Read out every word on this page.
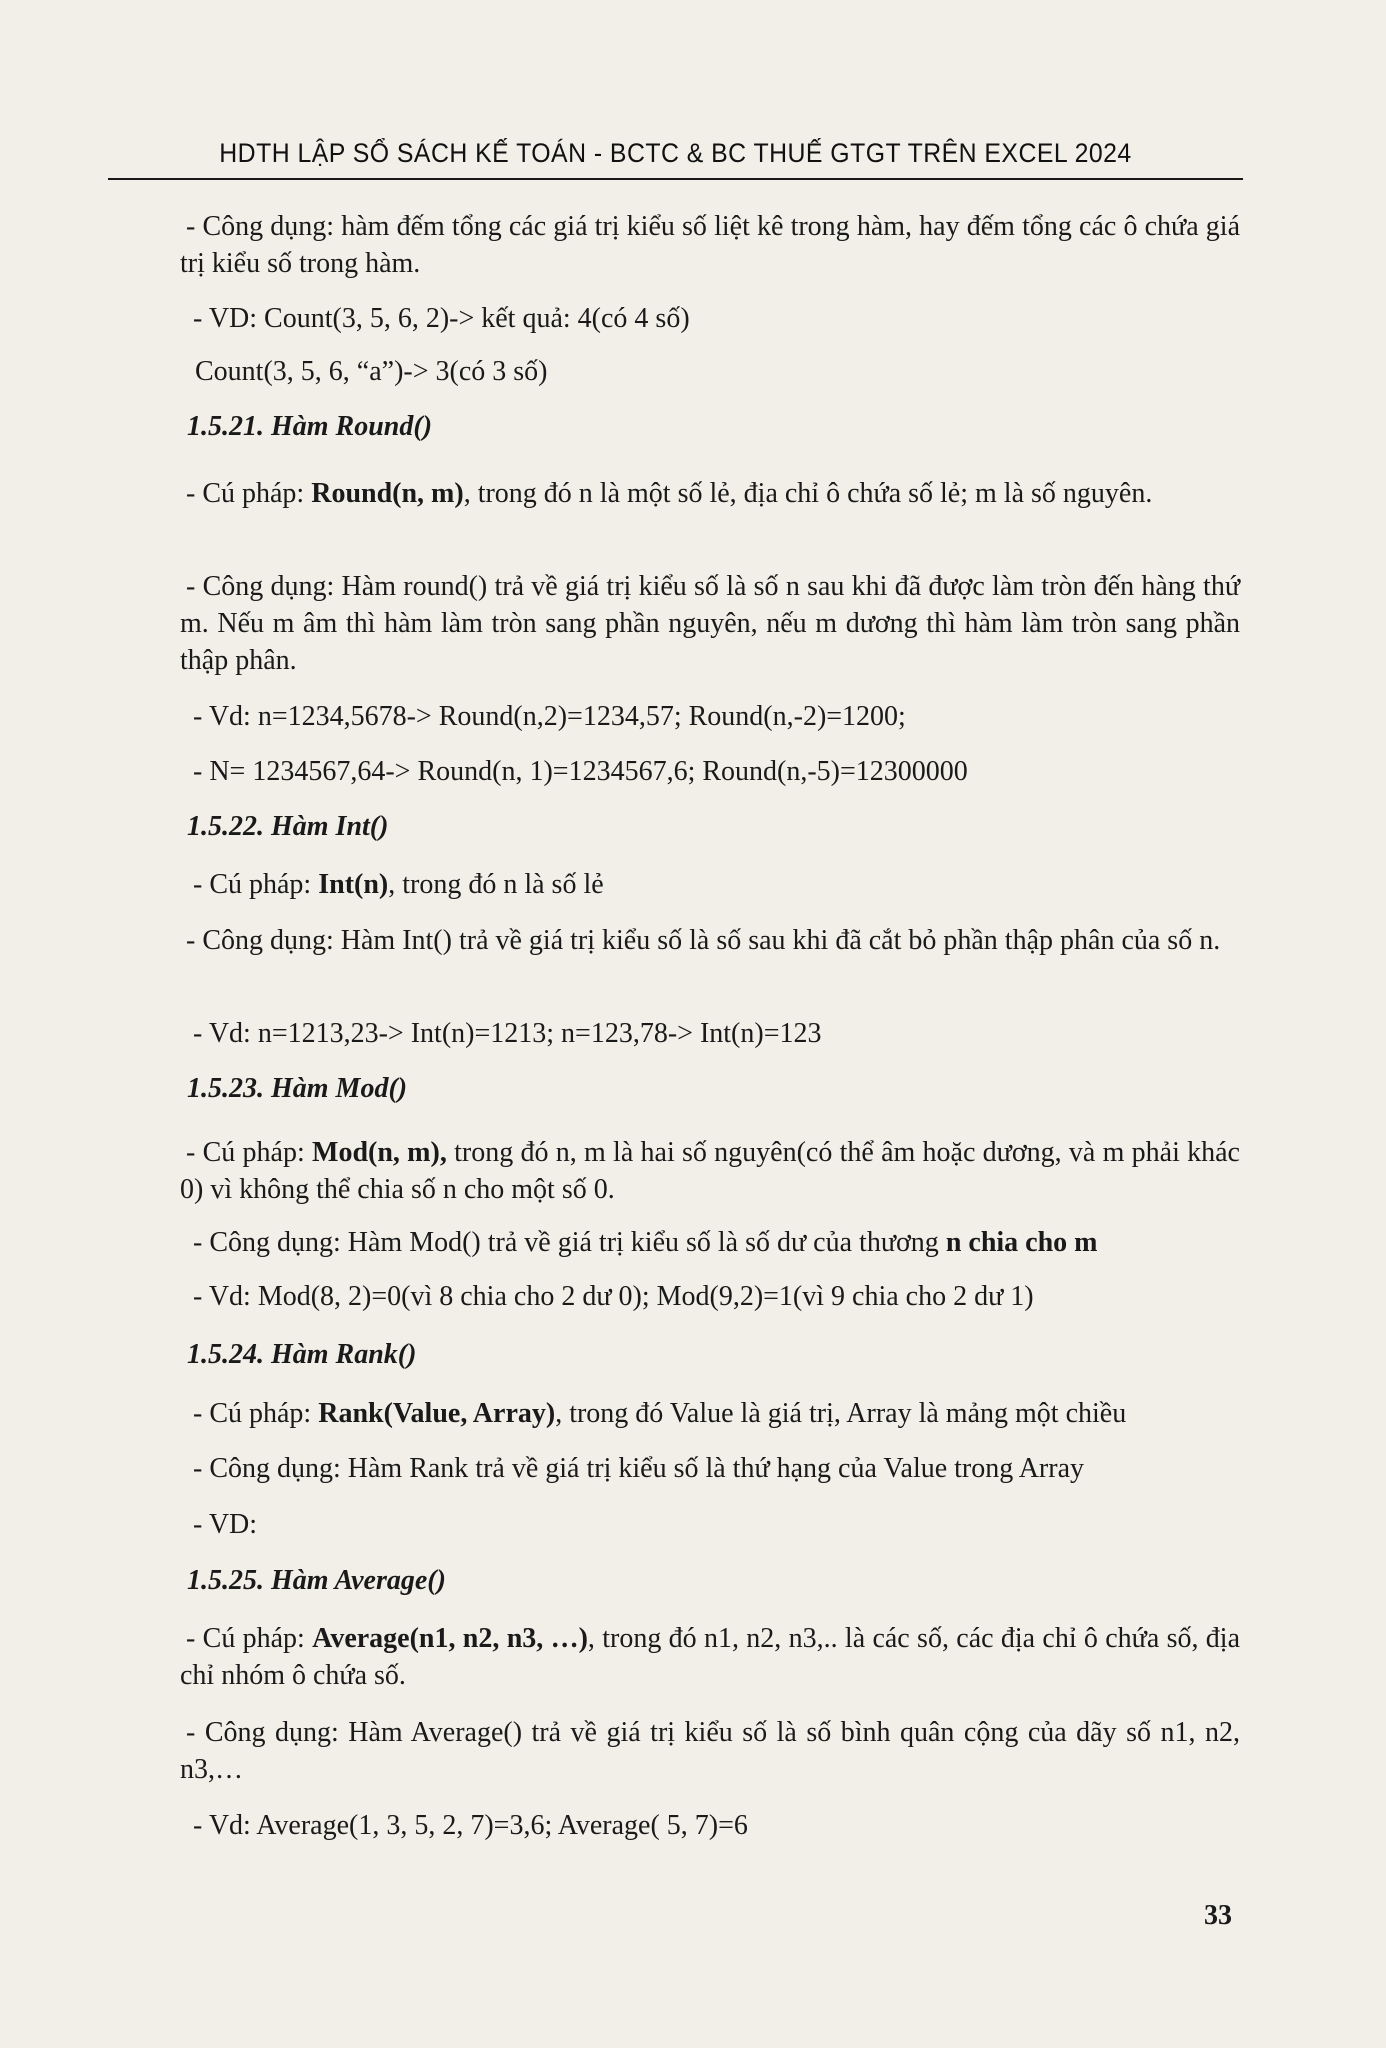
HDTH LẬP SỔ SÁCH KẾ TOÁN - BCTC & BC THUẾ GTGT TRÊN EXCEL 2024

- Công dụng: hàm đếm tổng các giá trị kiểu số liệt kê trong hàm, hay đếm tổng các ô chứa giá trị kiểu số trong hàm.

- VD: Count(3, 5, 6, 2)-> kết quả: 4(có 4 số)

Count(3, 5, 6, “a”)-> 3(có 3 số)

1.5.21. Hàm Round()

- Cú pháp: Round(n, m), trong đó n là một số lẻ, địa chỉ ô chứa số lẻ; m là số nguyên.

- Công dụng: Hàm round() trả về giá trị kiểu số là số n sau khi đã được làm tròn đến hàng thứ m. Nếu m âm thì hàm làm tròn sang phần nguyên, nếu m dương thì hàm làm tròn sang phần thập phân.

- Vd: n=1234,5678-> Round(n,2)=1234,57; Round(n,-2)=1200;

- N= 1234567,64-> Round(n, 1)=1234567,6; Round(n,-5)=12300000

1.5.22. Hàm Int()

- Cú pháp: Int(n), trong đó n là số lẻ

- Công dụng: Hàm Int() trả về giá trị kiểu số là số sau khi đã cắt bỏ phần thập phân của số n.

- Vd: n=1213,23-> Int(n)=1213; n=123,78-> Int(n)=123

1.5.23. Hàm Mod()

- Cú pháp: Mod(n, m), trong đó n, m là hai số nguyên(có thể âm hoặc dương, và m phải khác 0) vì không thể chia số n cho một số 0.

- Công dụng: Hàm Mod() trả về giá trị kiểu số là số dư của thương n chia cho m

- Vd: Mod(8, 2)=0(vì 8 chia cho 2 dư 0); Mod(9,2)=1(vì 9 chia cho 2 dư 1)

1.5.24. Hàm Rank()

- Cú pháp: Rank(Value, Array), trong đó Value là giá trị, Array là mảng một chiều

- Công dụng: Hàm Rank trả về giá trị kiểu số là thứ hạng của Value trong Array

- VD:

1.5.25. Hàm Average()

- Cú pháp: Average(n1, n2, n3, …), trong đó n1, n2, n3,.. là các số, các địa chỉ ô chứa số, địa chỉ nhóm ô chứa số.

- Công dụng: Hàm Average() trả về giá trị kiểu số là số bình quân cộng của dãy số n1, n2, n3,…

- Vd: Average(1, 3, 5, 2, 7)=3,6; Average( 5, 7)=6

33
